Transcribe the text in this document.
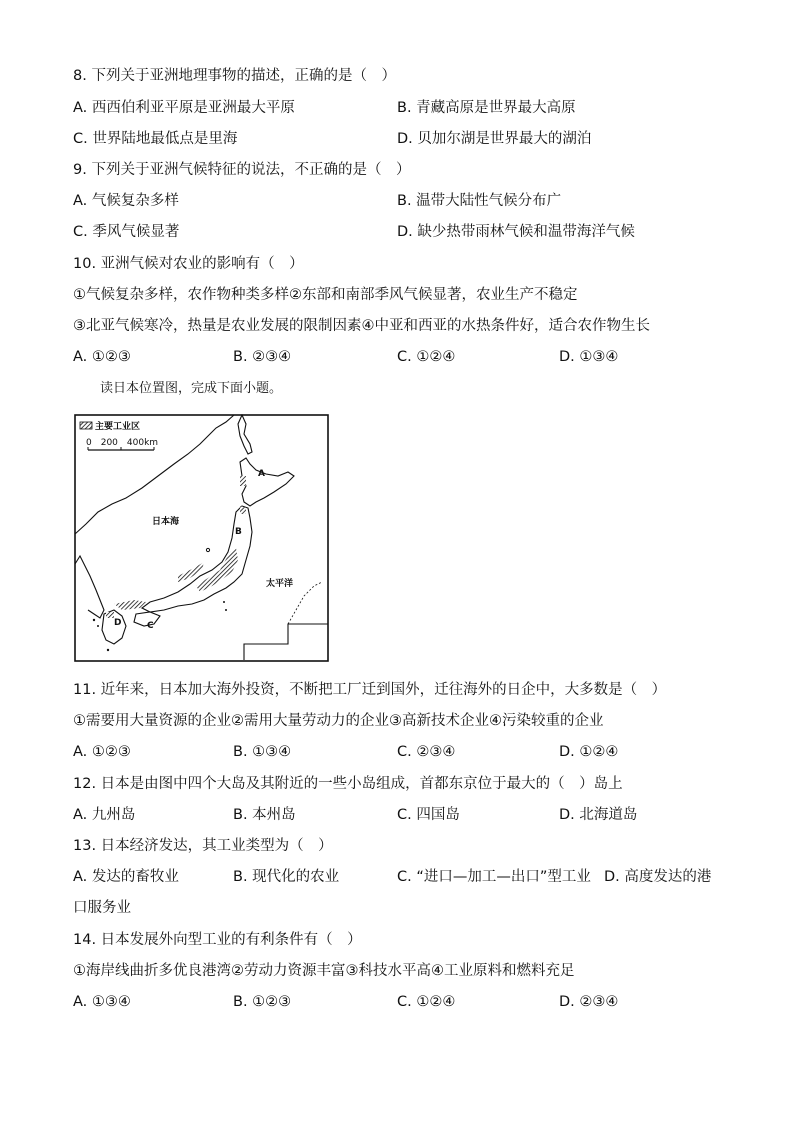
8. 下列关于亚洲地理事物的描述，正确的是（　）
A. 西西伯利亚平原是亚洲最大平原	B. 青藏高原是世界最大高原
C. 世界陆地最低点是里海	D. 贝加尔湖是世界最大的湖泊
9. 下列关于亚洲气候特征的说法，不正确的是（　）
A. 气候复杂多样	B. 温带大陆性气候分布广
C. 季风气候显著	D. 缺少热带雨林气候和温带海洋气候
10. 亚洲气候对农业的影响有（　）
①气候复杂多样，农作物种类多样②东部和南部季风气候显著，农业生产不稳定
③北亚气候寒冷，热量是农业发展的限制因素④中亚和西亚的水热条件好，适合农作物生长
A. ①②③	B. ②③④	C. ①②④	D. ①③④
读日本位置图，完成下面小题。
主要工业区
0　200　400km
A
B
C
D
日本海
太平洋
11. 近年来，日本加大海外投资，不断把工厂迁到国外，迁往海外的日企中，大多数是（　）
①需要用大量资源的企业②需用大量劳动力的企业③高新技术企业④污染较重的企业
A. ①②③	B. ①③④	C. ②③④	D. ①②④
12. 日本是由图中四个大岛及其附近的一些小岛组成，首都东京位于最大的（　）岛上
A. 九州岛	B. 本州岛	C. 四国岛	D. 北海道岛
13. 日本经济发达，其工业类型为（　）
A. 发达的畜牧业	B. 现代化的农业	C. “进口—加工—出口”型工业 D. 高度发达的港
口服务业
14. 日本发展外向型工业的有利条件有（　）
①海岸线曲折多优良港湾②劳动力资源丰富③科技水平高④工业原料和燃料充足
A. ①③④	B. ①②③	C. ①②④	D. ②③④
